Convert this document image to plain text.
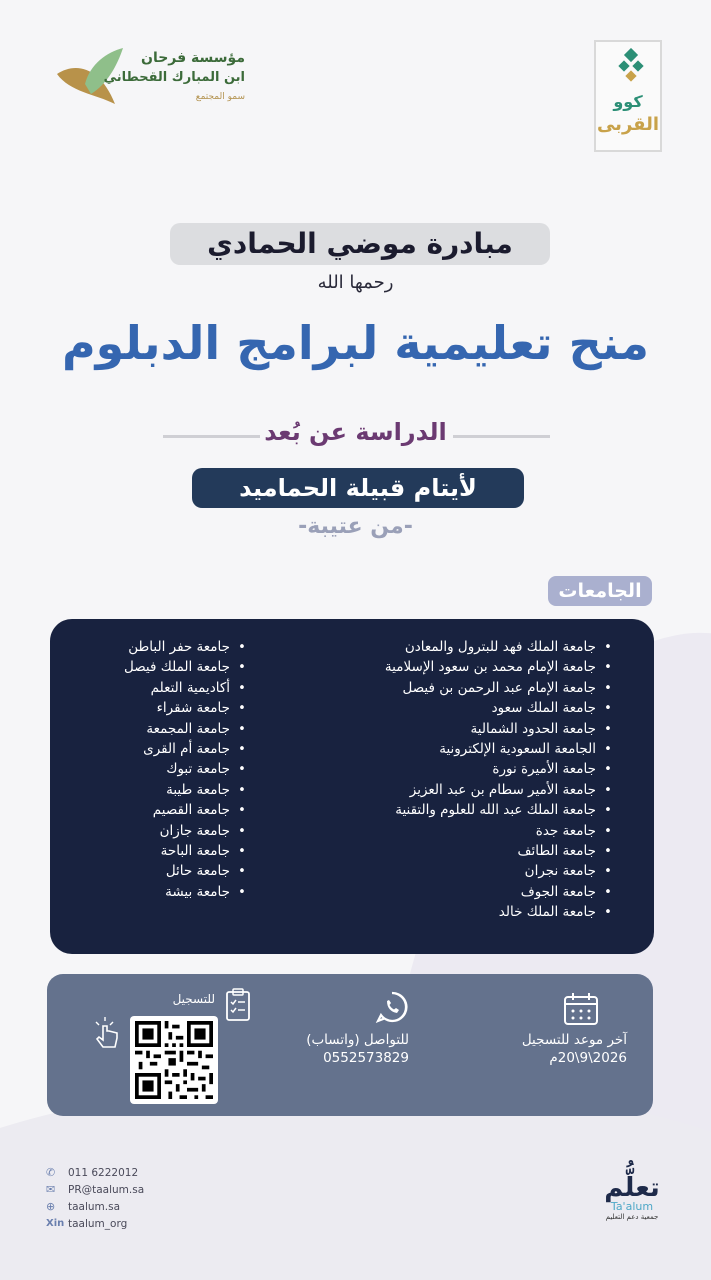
مؤسسة فرحان
ابن المبارك القحطاني
سمو المجتمع	كوو
القربى
مبادرة موضي الحمادي
رحمها الله
منح تعليمية لبرامج الدبلوم
الدراسة عن بُعد
لأيتام قبيلة الحماميد
-من عتيبة-
الجامعات
• جامعة الملك فهد للبترول والمعادن
• جامعة الإمام محمد بن سعود الإسلامية
• جامعة الإمام عبد الرحمن بن فيصل
• جامعة الملك سعود
• جامعة الحدود الشمالية
• الجامعة السعودية الإلكترونية
• جامعة الأميرة نورة
• جامعة الأمير سطام بن عبد العزيز
• جامعة الملك عبد الله للعلوم والتقنية
• جامعة جدة
• جامعة الطائف
• جامعة نجران
• جامعة الجوف
• جامعة الملك خالد
• جامعة حفر الباطن
• جامعة الملك فيصل
• أكاديمية التعلم
• جامعة شقراء
• جامعة المجمعة
• جامعة أم القرى
• جامعة تبوك
• جامعة طيبة
• جامعة القصيم
• جامعة جازان
• جامعة الباحة
• جامعة حائل
• جامعة بيشة
آخر موعد للتسجيل
2026\9\20م
للتواصل (واتساب)
0552573829
للتسجيل
✆	011 6222012
✉	PR@taalum.sa
⊕	taalum.sa
Xin taalum_org
تعلُّم
Ta'alum
جمعية دعم التعليم
